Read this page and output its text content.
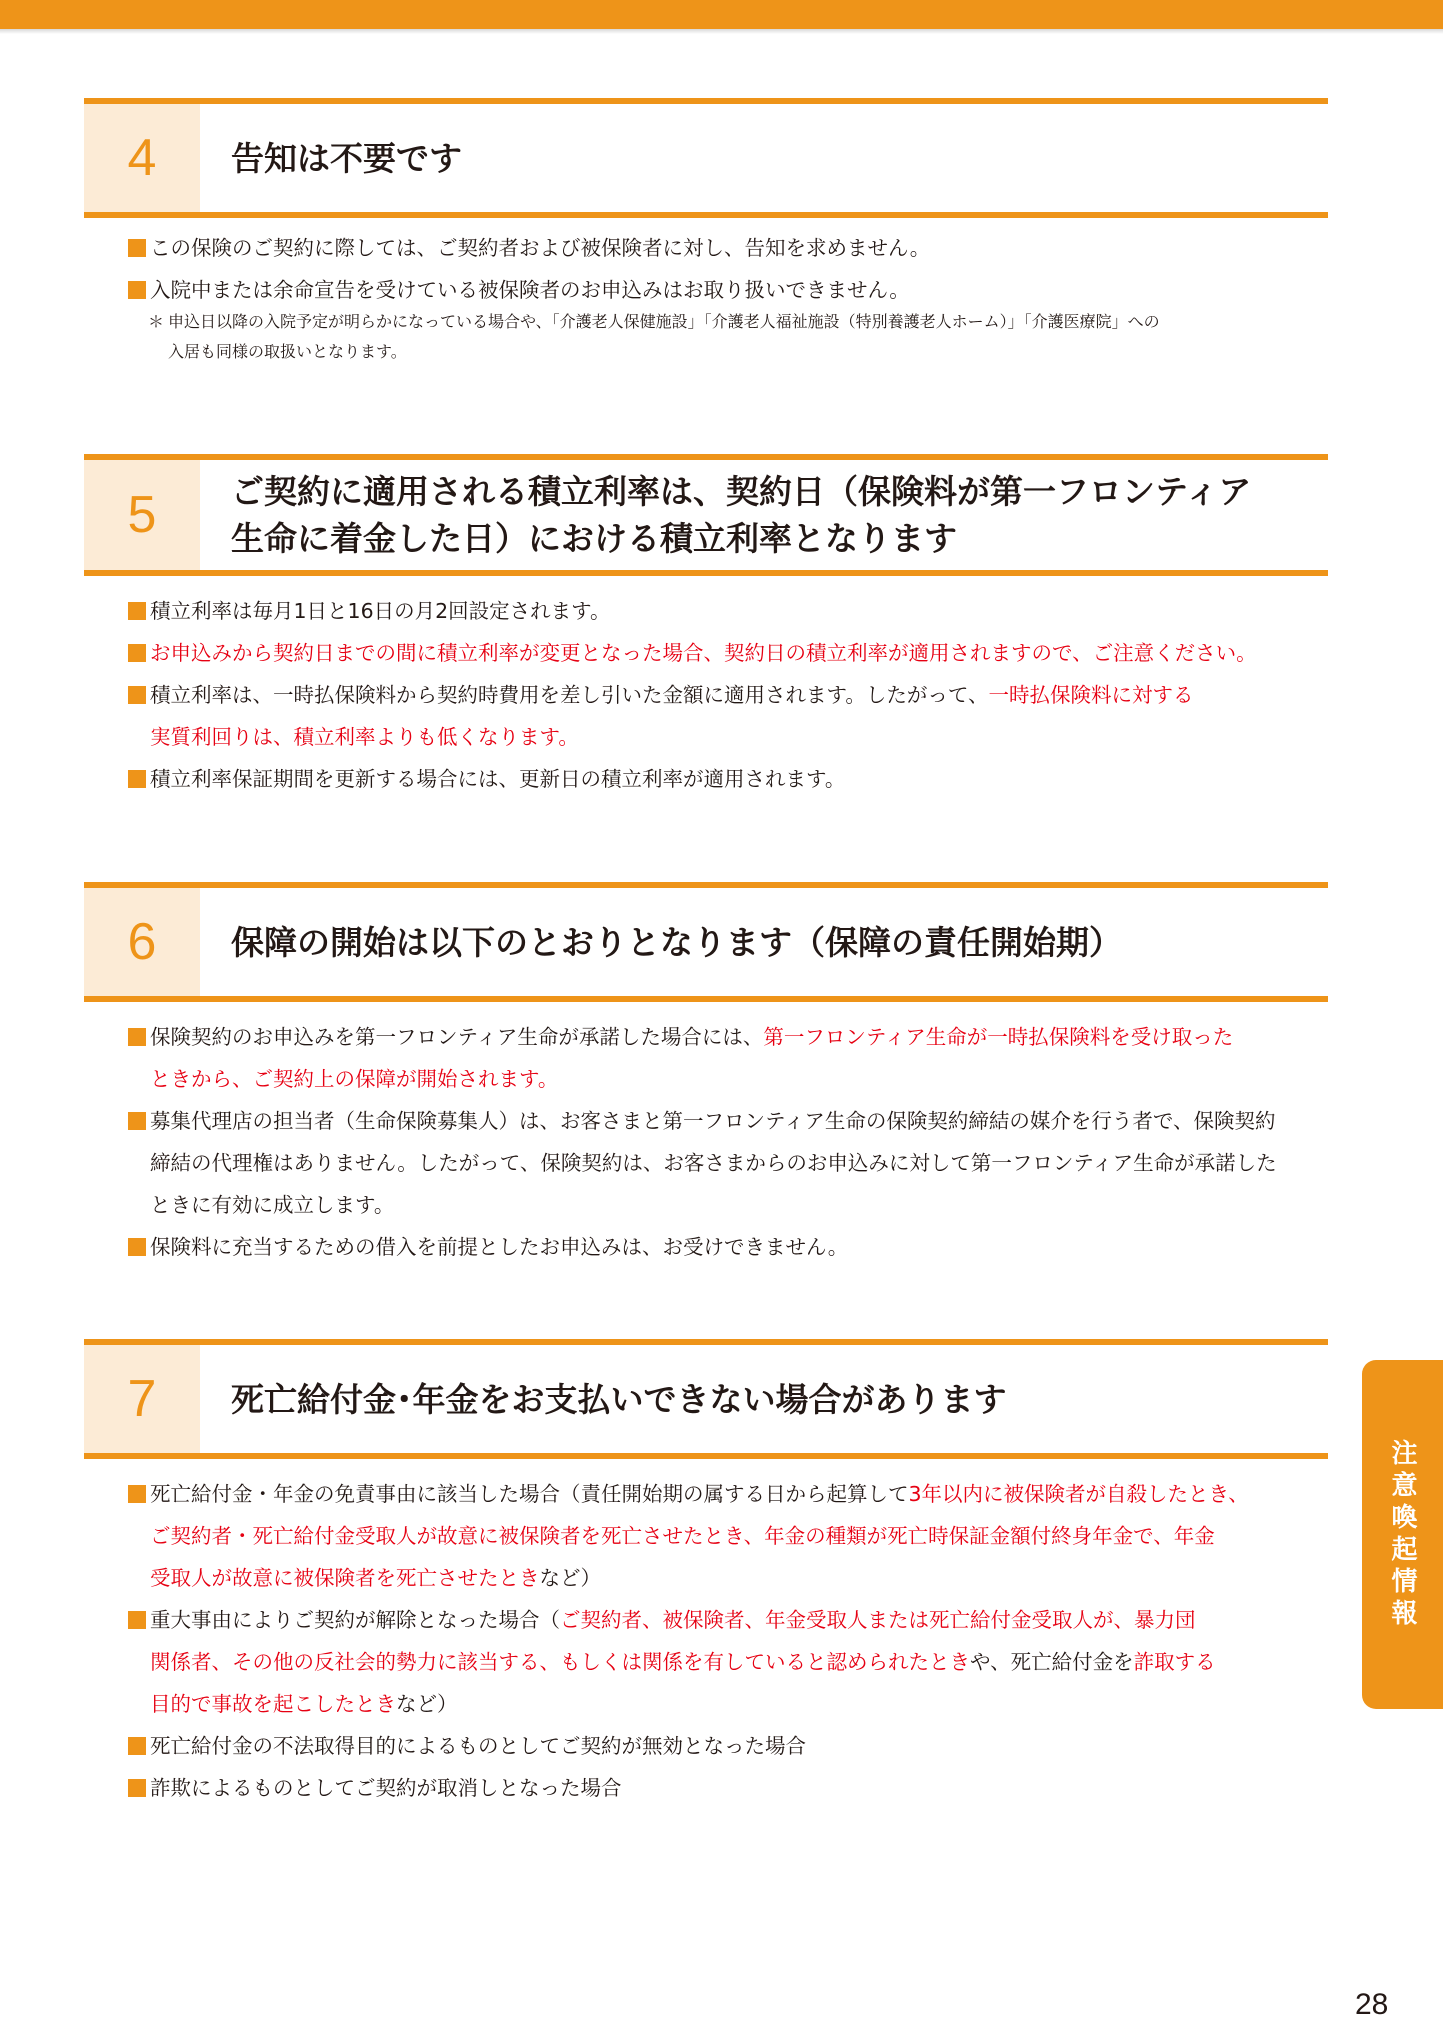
4	告知は不要です
この保険のご契約に際しては、ご契約者および被保険者に対し、告知を求めません。
入院中または余命宣告を受けている被保険者のお申込みはお取り扱いできません。
＊ 申込日以降の入院予定が明らかになっている場合や、「介護老人保健施設」「介護老人福祉施設（特別養護老人ホーム）」「介護医療院」への
入居も同様の取扱いとなります。
5	ご契約に適用される積立利率は、契約日（保険料が第一フロンティア
生命に着金した日）における積立利率となります
積立利率は毎月1日と16日の月2回設定されます。
お申込みから契約日までの間に積立利率が変更となった場合、契約日の積立利率が適用されますので、ご注意ください。
積立利率は、一時払保険料から契約時費用を差し引いた金額に適用されます。したがって、一時払保険料に対する
実質利回りは、積立利率よりも低くなります。
積立利率保証期間を更新する場合には、更新日の積立利率が適用されます。
6	保障の開始は以下のとおりとなります（保障の責任開始期）
保険契約のお申込みを第一フロンティア生命が承諾した場合には、第一フロンティア生命が一時払保険料を受け取った
ときから、ご契約上の保障が開始されます。
募集代理店の担当者（生命保険募集人）は、お客さまと第一フロンティア生命の保険契約締結の媒介を行う者で、保険契約
締結の代理権はありません。したがって、保険契約は、お客さまからのお申込みに対して第一フロンティア生命が承諾した
ときに有効に成立します。
保険料に充当するための借入を前提としたお申込みは、お受けできません。
7	死亡給付金･年金をお支払いできない場合があります
死亡給付金・年金の免責事由に該当した場合（責任開始期の属する日から起算して3年以内に被保険者が自殺したとき、
ご契約者・死亡給付金受取人が故意に被保険者を死亡させたとき、年金の種類が死亡時保証金額付終身年金で、年金
受取人が故意に被保険者を死亡させたときなど）
重大事由によりご契約が解除となった場合（ご契約者、被保険者、年金受取人または死亡給付金受取人が、暴力団
関係者、その他の反社会的勢力に該当する、もしくは関係を有していると認められたときや、死亡給付金を詐取する
目的で事故を起こしたときなど）
死亡給付金の不法取得目的によるものとしてご契約が無効となった場合
詐欺によるものとしてご契約が取消しとなった場合
注意喚起情報
28
